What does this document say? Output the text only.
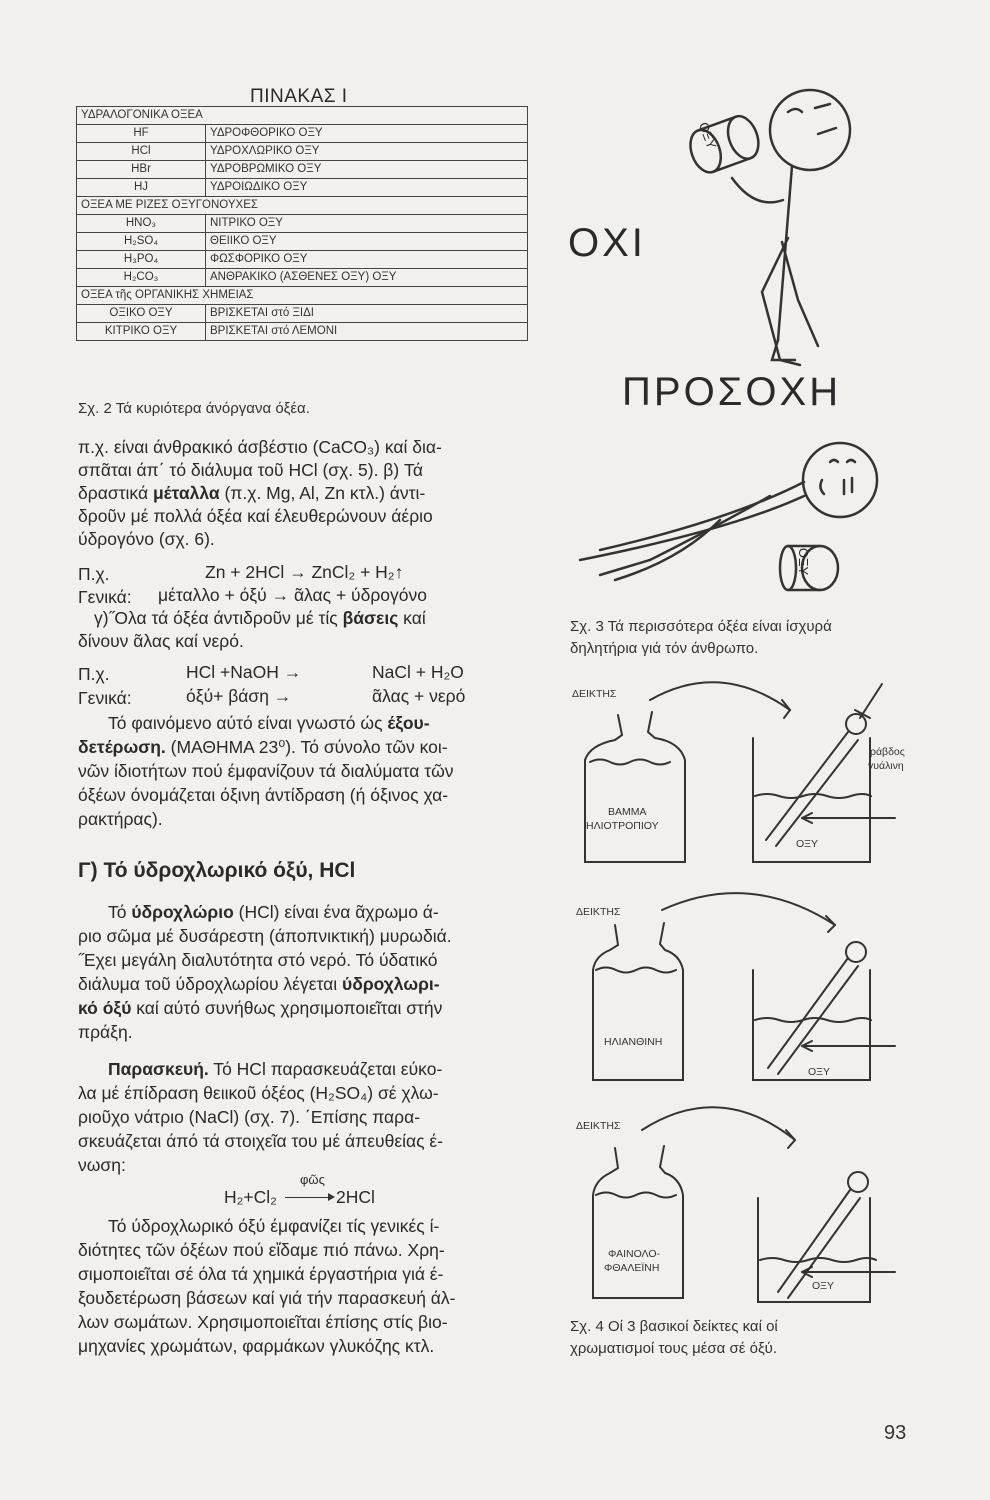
ΠΙΝΑΚΑΣ Ι
ΥΔΡΑΛΟΓΟΝΙΚΑ ΟΞΕΑ	
HF	ΥΔΡΟΦΘΟΡΙΚΟ ΟΞΥ
HCl	ΥΔΡΟΧΛΩΡΙΚΟ ΟΞΥ
HBr	ΥΔΡΟΒΡΩΜΙΚΟ ΟΞΥ
HJ	ΥΔΡΟΙΩΔΙΚΟ ΟΞΥ
ΟΞΕΑ ΜΕ ΡΙΖΕΣ ΟΞΥΓΟΝΟΥΧΕΣ	
HNO₃	ΝΙΤΡΙΚΟ ΟΞΥ
H₂SO₄	ΘΕΙΙΚΟ ΟΞΥ
H₃PO₄	ΦΩΣΦΟΡΙΚΟ ΟΞΥ
H₂CO₃	ΑΝΘΡΑΚΙΚΟ (ΑΣΘΕΝΕΣ ΟΞΥ) ΟΞΥ
ΟΞΕΑ τῆς ΟΡΓΑΝΙΚΗΣ ΧΗΜΕΙΑΣ	
ΟΞΙΚΟ ΟΞΥ	ΒΡΙΣΚΕΤΑΙ στό ΞΙΔΙ
ΚΙΤΡΙΚΟ ΟΞΥ	ΒΡΙΣΚΕΤΑΙ στό ΛΕΜΟΝΙ
Σχ. 2 Τά κυριότερα άνόργανα όξέα.
π.χ. είναι άνθρακικό άσβέστιο (CaCO₃) καί δια-
σπᾶται άπ΄ τό διάλυμα τοῦ HCl (σχ. 5). β) Τά
δραστικά μέταλλα (π.χ. Mg, Al, Zn κτλ.) άντι-
δροῦν μέ πολλά όξέα καί έλευθερώνουν άέριο
ύδρογόνο (σχ. 6).
Π.χ.	Zn + 2HCl → ZnCl₂ + H₂↑
Γενικά: μέταλλο + όξύ → ᾶλας + ύδρογόνο
γ)˝Ολα τά όξέα άντιδροῦν μέ τίς βάσεις καί
δίνουν ᾶλας καί νερό.
Π.χ.	HCl +NaOH →	NaCl + H₂O
Γενικά:	όξύ+ βάση →	ᾶλας + νερό
Τό φαινόμενο αύτό είναι γνωστό ώς έξου-
δετέρωση. (ΜΑΘΗΜΑ 23⁰). Τό σύνολο τῶν κοι-
νῶν ίδιοτήτων πού έμφανίζουν τά διαλύματα τῶν
όξέων όνομάζεται όξινη άντίδραση (ή όξινος χα-
ρακτήρας).
Γ) Τό ύδροχλωρικό όξύ, HCl
Τό ύδροχλώριο (HCl) είναι ένα ᾶχρωμο ά-
ριο σῶμα μέ δυσάρεστη (άποπνικτική) μυρωδιά.
˝Εχει μεγάλη διαλυτότητα στό νερό. Τό ύδατικό
διάλυμα τοῦ ύδροχλωρίου λέγεται ύδροχλωρι-
κό όξύ καί αύτό συνήθως χρησιμοποιεῖται στήν
πράξη.
Παρασκευή. Τό HCl παρασκευάζεται εύκο-
λα μέ έπίδραση θειικοῦ όξέος (H₂SO₄) σέ χλω-
ριοῦχο νάτριο (NaCl) (σχ. 7). ΄Επίσης παρα-
σκευάζεται άπό τά στοιχεῖα του μέ άπευθείας έ-
νωση:
H₂+Cl₂
φῶς
2HCl
Τό ύδροχλωρικό όξύ έμφανίζει τίς γενικές ί-
διότητες τῶν όξέων πού εἴδαμε πιό πάνω. Χρη-
σιμοποιεῖται σέ όλα τά χημικά έργαστήρια γιά έ-
ξουδετέρωση βάσεων καί γιά τήν παρασκευή άλ-
λων σωμάτων. Χρησιμοποιεῖται έπίσης στίς βιο-
μηχανίες χρωμάτων, φαρμάκων γλυκόζης κτλ.
ΟΞΥ
ΟΞΥ
ΟΧΙ
ΠΡΟΣΟΧΗ
Σχ. 3 Τά περισσότερα όξέα είναι ίσχυρά
δηλητήρια γιά τόν άνθρωπο.
ΔΕΙΚΤΗΣ
ράβδος
γυάλινη
ΒΑΜΜΑ
ΗΛΙΟΤΡΟΠΙΟΥ
ΟΞΥ
ΔΕΙΚΤΗΣ
ΗΛΙΑΝΘΙΝΗ
ΟΞΥ
ΔΕΙΚΤΗΣ
ΦΑΙΝΟΛΟ-
ΦΘΑΛΕΪΝΗ
ΟΞΥ
Σχ. 4 Οί 3 βασικοί δείκτες καί οί
χρωματισμοί τους μέσα σέ όξύ.
93
